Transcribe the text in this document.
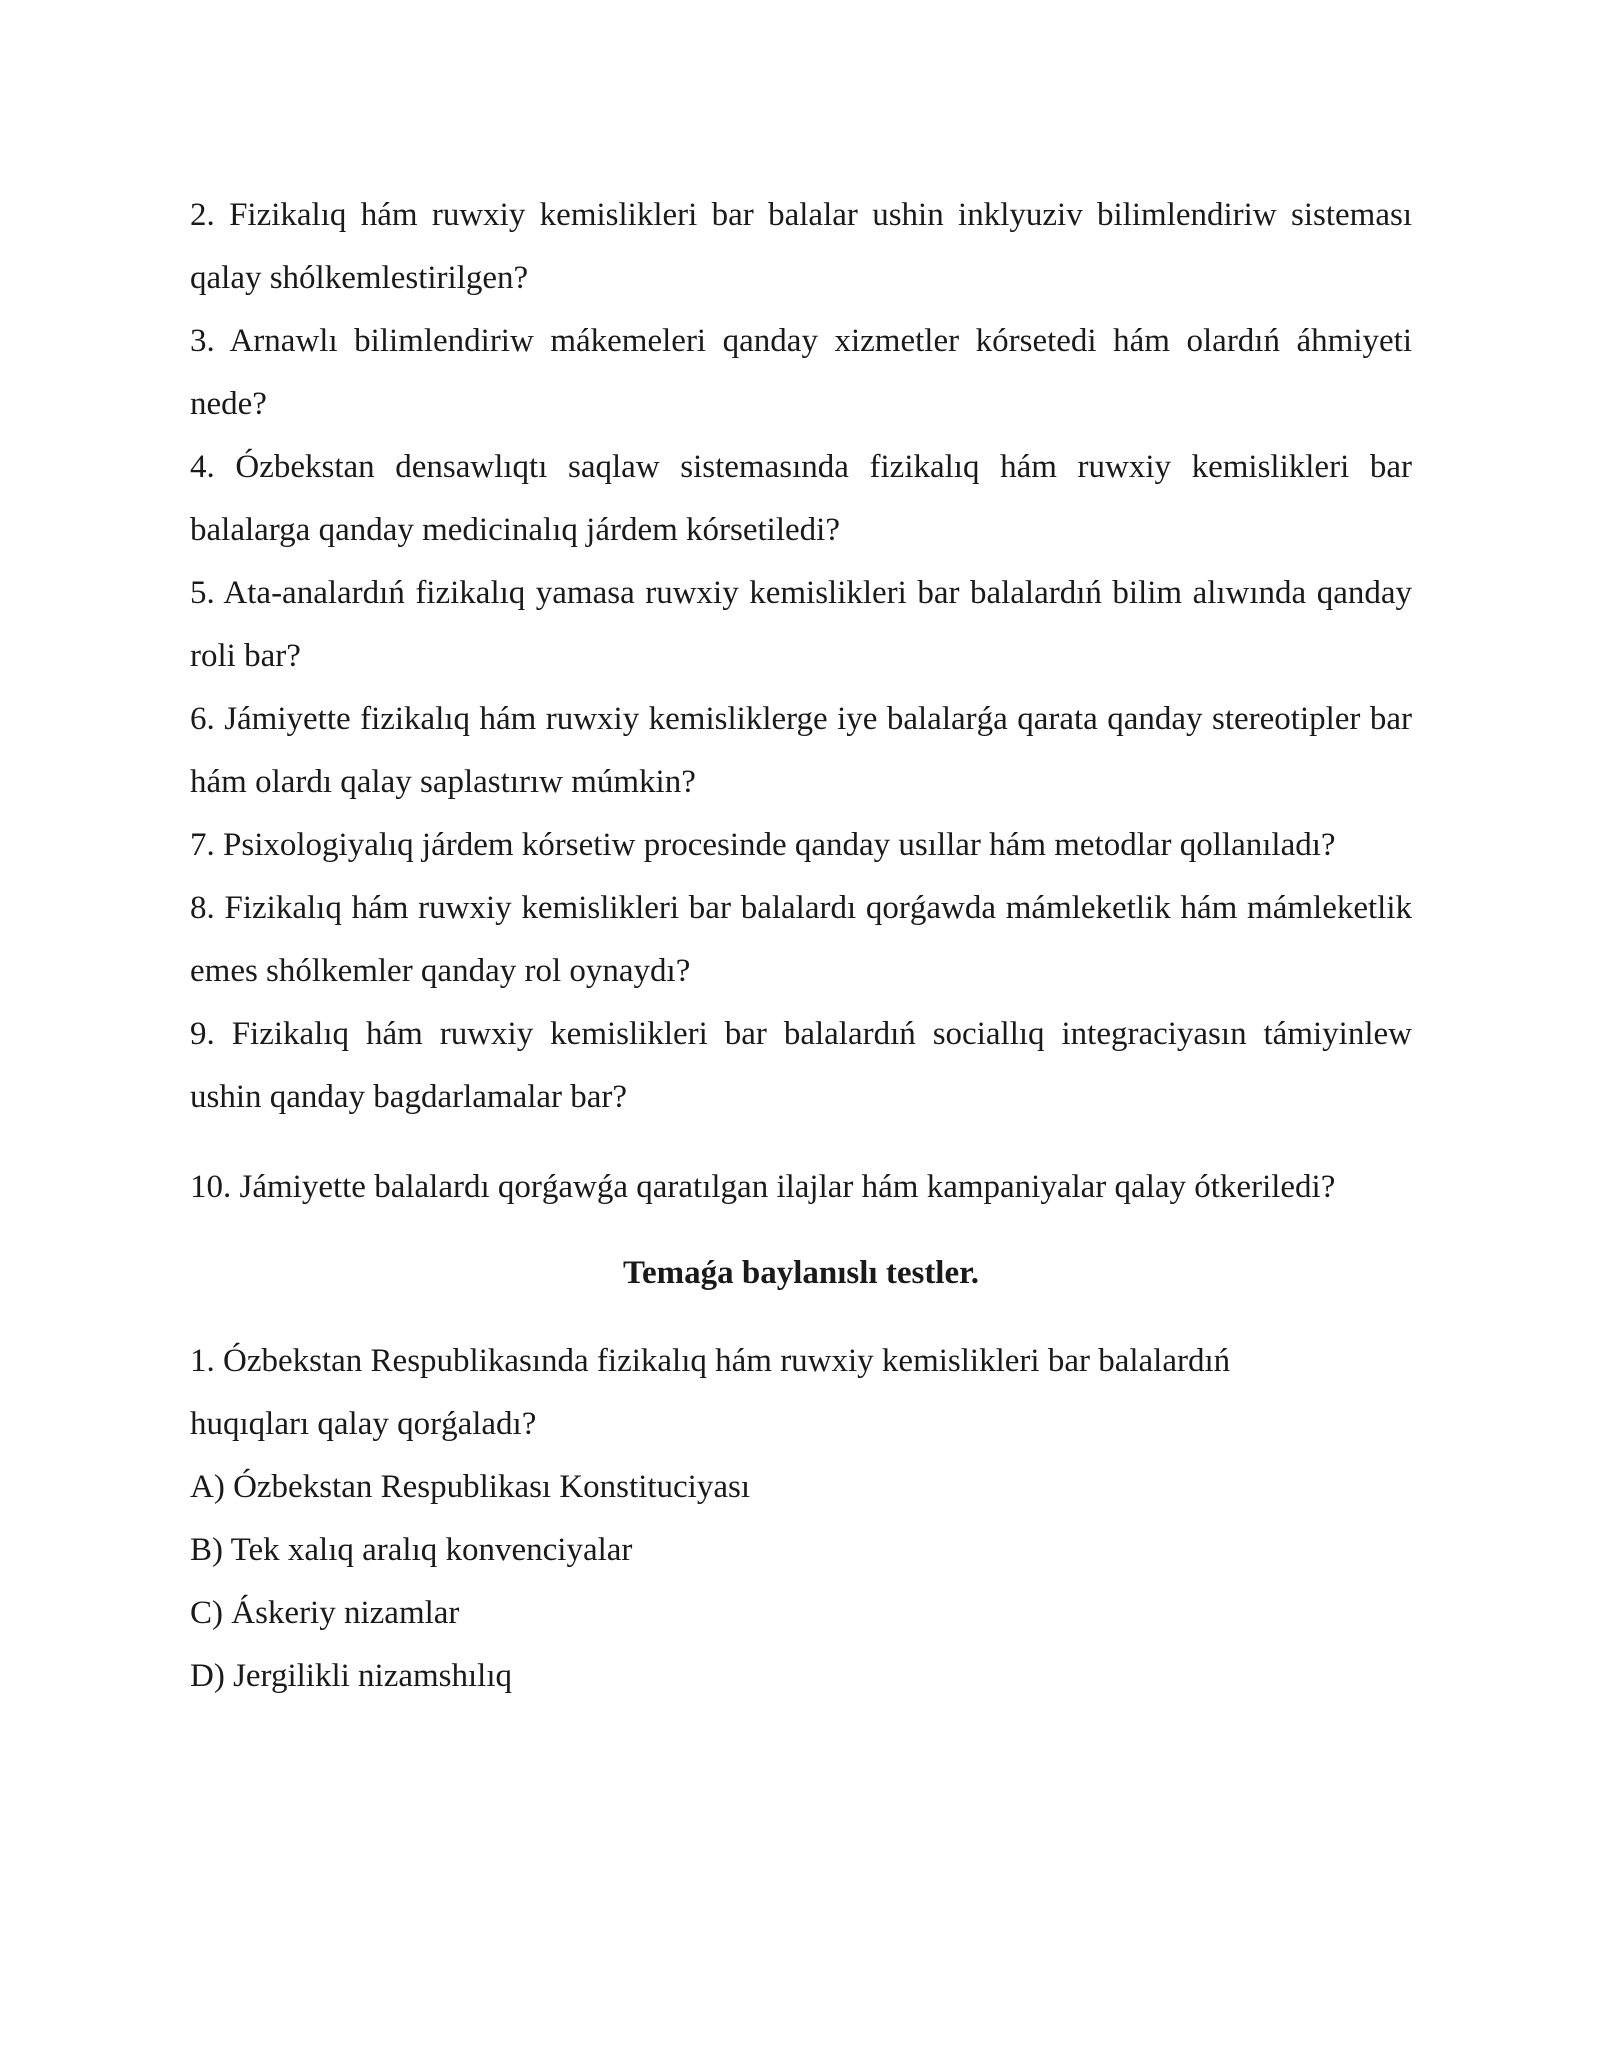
2. Fizikalıq hám ruwxiy kemislikleri bar balalar ushin inklyuziv bilimlendiriw sisteması qalay shólkemlestirilgen?

3. Arnawlı bilimlendiriw mákemeleri qanday xizmetler kórsetedi hám olardıń áhmiyeti nede?

4. Ózbekstan densawlıqtı saqlaw sistemasında fizikalıq hám ruwxiy kemislikleri bar balalarga qanday medicinalıq járdem kórsetiledi?

5. Ata-analardıń fizikalıq yamasa ruwxiy kemislikleri bar balalardıń bilim alıwında qanday roli bar?

6. Jámiyette fizikalıq hám ruwxiy kemisliklerge iye balalarǵa qarata qanday stereotipler bar hám olardı qalay saplastırıw múmkin?

7. Psixologiyalıq járdem kórsetiw procesinde qanday usıllar hám metodlar qollanıladı?

8. Fizikalıq hám ruwxiy kemislikleri bar balalardı qorǵawda mámleketlik hám mámleketlik emes shólkemler qanday rol oynaydı?

9. Fizikalıq hám ruwxiy kemislikleri bar balalardıń sociallıq integraciyasın támiyinlew ushin qanday bagdarlamalar bar?

10. Jámiyette balalardı qorǵawǵa qaratılgan ilajlar hám kampaniyalar qalay ótkeriledi?

Temaǵa baylanıslı testler.

1. Ózbekstan Respublikasında fizikalıq hám ruwxiy kemislikleri bar balalardıń huqıqları qalay qorǵaladı?

A) Ózbekstan Respublikası Konstituciyası

B) Tek xalıq aralıq konvenciyalar

C) Áskeriy nizamlar

D) Jergilikli nizamshılıq
